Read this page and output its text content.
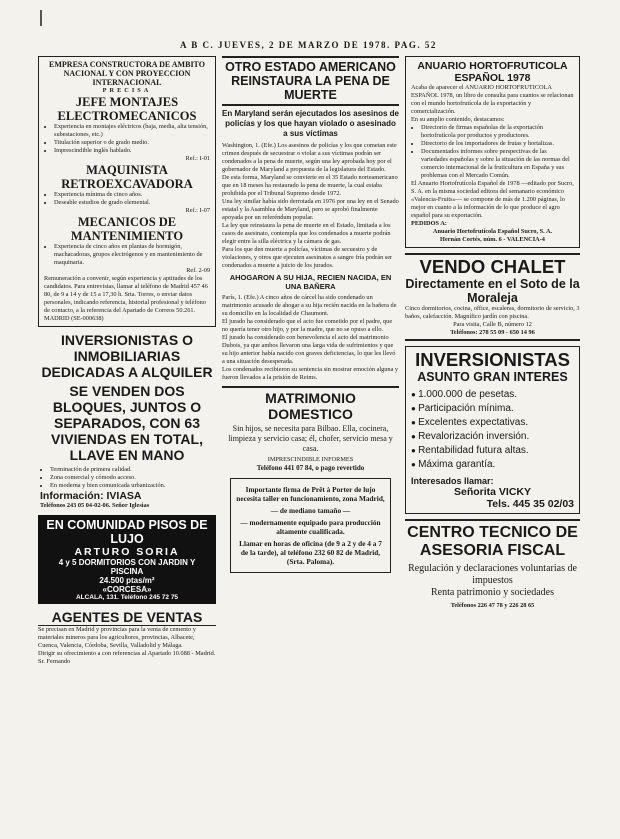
A B C. JUEVES, 2 DE MARZO DE 1978. PAG. 52
EMPRESA CONSTRUCTORA DE AMBITO NACIONAL Y CON PROYECCION INTERNACIONAL
PRECISA
JEFE MONTAJES ELECTROMECANICOS
• Experiencia en montajes eléctricos (baja, media, alta tensión, subestaciones, etc.)
• Titulación superior o de grado medio.
• Imprescindible inglés hablado.
Ref.: I-01
MAQUINISTA RETROEXCAVADORA
• Experiencia mínima de cinco años.
• Deseable estudios de grado elemental.
Ref.: I-07
MECANICOS DE MANTENIMIENTO
• Experiencia de cinco años en plantas de hormigón, machacadoras, grupos electrógenos y en mantenimiento de maquinaria.
Ref. 2-09

Remuneración a convenir, según experiencia y aptitudes de los candidatos. Para entrevistas, llamar al teléfono de Madrid 457 46 80, de 9 a 14 y de 15 a 17,30 h. Srta. Torres, o enviar datos personales, indicando referencia, historial profesional y teléfono de contacto, a la referencia del Apartado de Correos 50.261. MADRID (SE-000638)

INVERSIONISTAS O INMOBILIARIAS DEDICADAS A ALQUILER
SE VENDEN DOS BLOQUES, JUNTOS O SEPARADOS, CON 63 VIVIENDAS EN TOTAL, LLAVE EN MANO
• Terminación de primera calidad.
• Zona comercial y cómodo acceso.
• En moderna y bien comunicada urbanización.
Información: IVIASA
Teléfonos 243 05 04-02-06. Señor Iglesias
EN COMUNIDAD PISOS DE LUJO
ARTURO SORIA
4 y 5 DORMITORIOS CON JARDIN Y PISCINA
24.500 ptas/m²
«CORCESA»
ALCALA, 131. Teléfono 245 72 75
AGENTES DE VENTAS

Se precisan en Madrid y provincias para la venta de cemento y materiales mineros para los agricultores, provincias, Albacete, Cuenca, Valencia, Córdoba, Sevilla, Valladolid y Málaga.

Dirigir su ofrecimiento a con referencias al Apartado 10.088 - Madrid. Sr. Fernando

OTRO ESTADO AMERICANO REINSTAURA LA PENA DE MUERTE
En Maryland serán ejecutados los asesinos de policías y los que hayan violado o asesinado a sus víctimas

Washington, 1. (Efe.) Los asesinos de policías y los que cometan este crimen después de secuestrar o violar a sus víctimas podrán ser condenados a la pena de muerte, según una ley aprobada hoy por el gobernador de Maryland a propuesta de la legislatura del Estado.

De esta forma, Maryland se convierte en el 35 Estado norteamericano que en 18 meses ha restaurado la pena de muerte, la cual estaba prohibida por el Tribunal Supremo desde 1972.

Una ley similar había sido derrotada en 1976 por una ley en el Senado estatal y la Asamblea de Maryland, pero se aprobó finalmente apoyada por un referéndum popular.

La ley que reinstaura la pena de muerte en el Estado, limitada a los casos de asesinato, contempla que los condenados a muerte podrán elegir entre la silla eléctrica y la cámara de gas.

Para los que den muerte a policías, víctimas de secuestro y de violaciones, y otros que ejecuten asesinatos a sangre fría podrán ser condenados a muerte a juicio de los jurados.

AHOGARON A SU HIJA, RECIEN NACIDA, EN UNA BAÑERA

París, 1. (Efe.) A cinco años de cárcel ha sido condenado un matrimonio acusado de ahogar a su hija recién nacida en la bañera de su domicilio en la localidad de Chaumont.

El jurado ha considerado que el acto fue cometido por el padre, que no quería tener otro hijo, y por la madre, que no se opuso a ello.

El jurado ha considerado con benevolencia el acto del matrimonio Dubois, ya que ambos llevaron una larga vida de sufrimientos y que su hijo anterior había nacido con graves deficiencias, lo que les llevó a una situación desesperada.

Los condenados recibieron su sentencia sin mostrar emoción alguna y fueron llevados a la prisión de Reims.

MATRIMONIO DOMESTICO

Sin hijos, se necesita para Bilbao. Ella, cocinera, limpieza y servicio casa; él, chofer, servicio mesa y casa.

IMPRESCINDIBLE INFORMES
Teléfono 441 07 84, o pago revertido

Importante firma de Prêt à Porter de lujo necesita taller en funcionamiento, zona Madrid,

— de mediano tamaño —

— modernamente equipado para producción altamente cualificada.

Llamar en horas de oficina (de 9 a 2 y de 4 a 7 de la tarde), al teléfono 232 60 82 de Madrid, (Srta. Paloma).

ANUARIO HORTOFRUTICOLA ESPAÑOL 1978

Acaba de aparecer el ANUARIO HORTOFRUTICOLA ESPAÑOL 1978, un libro de consulta para cuantos se relacionan con el mundo hortofrutícola de la exportación y comercialización.

En su amplio contenido, destacamos:

• Directorio de firmas españolas de la exportación hortofrutícola por productos y productores.
• Directorio de los importadores de frutas y hortalizas.
• Documentados informes sobre perspectivas de las variedades españolas y sobre la situación de las normas del comercio internacional de la fruticultura en España y sus problemas con el Mercado Común.

El Anuario Hortofrutícola Español de 1978 —editado por Sucro, S. A. en la misma sociedad editora del semanario económico «Valencia-Fruits»— se compone de más de 1.200 páginas, lo mejor en cuanto a la información de lo que produce el agro español para su exportación.

PEDIDOS A:
Anuario Hortofrutícola Español Sucro, S. A.
Hernán Cortés, núm. 6 - VALENCIA-4
VENDO CHALET
Directamente en el Soto de la Moraleja

Cinco dormitorios, cocina, office, escaleras, dormitorio de servicio, 3 baños, calefacción. Magnífico jardín con piscina.

Para visita, Calle B, número 12
Teléfonos: 278 55 09 - 650 14 96
INVERSIONISTAS
ASUNTO GRAN INTERES
● 1.000.000 de pesetas.
● Participación mínima.
● Excelentes expectativas.
● Revalorización inversión.
● Rentabilidad futura altas.
● Máxima garantía.
Interesados llamar:
Señorita VICKY
Tels. 445 35 02/03
CENTRO TECNICO DE ASESORIA FISCAL
Regulación y declaraciones voluntarias de impuestos
Renta patrimonio y sociedades
Teléfonos 226 47 78 y 226 28 65
